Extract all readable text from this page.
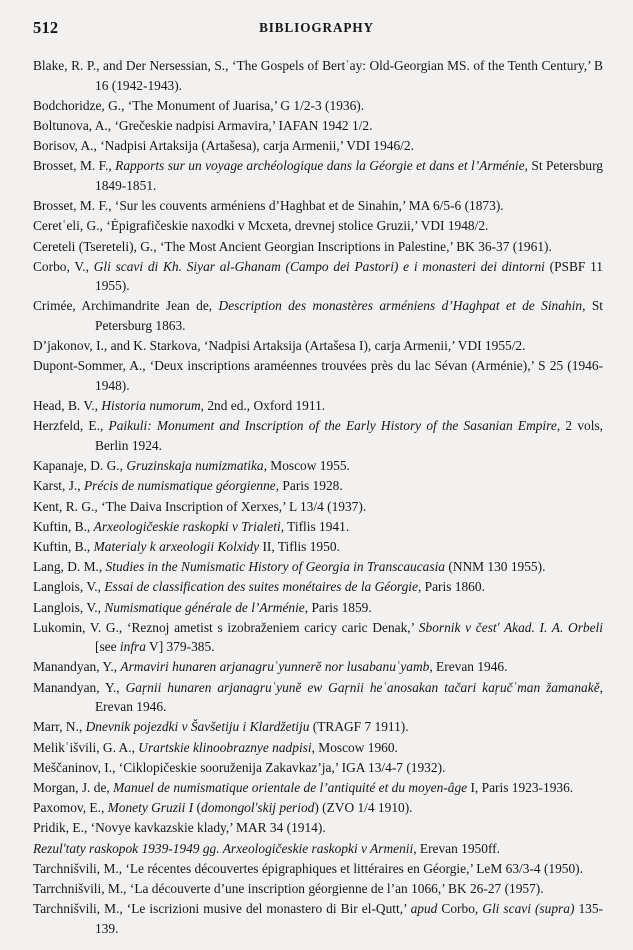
512	BIBLIOGRAPHY

Blake, R. P., and Der Nersessian, S., ‘The Gospels of Bertʿay: Old-Georgian MS. of the Tenth Century,’ B 16 (1942-1943).

Bodchoridze, G., ‘The Monument of Juarisa,’ G 1/2-3 (1936).

Boltunova, A., ‘Grečeskie nadpisi Armavira,’ IAFAN 1942 1/2.

Borisov, A., ‘Nadpisi Artaksija (Artašesa), carja Armenii,’ VDI 1946/2.

Brosset, M. F., Rapports sur un voyage archéologique dans la Géorgie et dans et l’Arménie, St Petersburg 1849-1851.

Brosset, M. F., ‘Sur les couvents arméniens d’Haghbat et de Sinahin,’ MA 6/5-6 (1873).

Ceretʿeli, G., ‘Ėpigrafičeskie naxodki v Mcxeta, drevnej stolice Gruzii,’ VDI 1948/2.

Cereteli (Tsereteli), G., ‘The Most Ancient Georgian Inscriptions in Palestine,’ BK 36-37 (1961).

Corbo, V., Gli scavi di Kh. Siyar al-Ghanam (Campo dei Pastori) e i monasteri dei dintorni (PSBF 11 1955).

Crimée, Archimandrite Jean de, Description des monastères arméniens d’Haghpat et de Sinahin, St Petersburg 1863.

D’jakonov, I., and K. Starkova, ‘Nadpisi Artaksija (Artašesa I), carja Armenii,’ VDI 1955/2.

Dupont-Sommer, A., ‘Deux inscriptions araméennes trouvées près du lac Sévan (Arménie),’ S 25 (1946-1948).

Head, B. V., Historia numorum, 2nd ed., Oxford 1911.

Herzfeld, E., Paikuli: Monument and Inscription of the Early History of the Sasanian Empire, 2 vols, Berlin 1924.

Kapanaje, D. G., Gruzinskaja numizmatika, Moscow 1955.

Karst, J., Précis de numismatique géorgienne, Paris 1928.

Kent, R. G., ‘The Daiva Inscription of Xerxes,’ L 13/4 (1937).

Kuftin, B., Arxeologičeskie raskopki v Trialeti, Tiflis 1941.

Kuftin, B., Materialy k arxeologii Kolxidy II, Tiflis 1950.

Lang, D. M., Studies in the Numismatic History of Georgia in Transcaucasia (NNM 130 1955).

Langlois, V., Essai de classification des suites monétaires de la Géorgie, Paris 1860.

Langlois, V., Numismatique générale de l’Arménie, Paris 1859.

Lukomin, V. G., ‘Reznoj ametist s izobraženiem caricy caric Denak,’ Sbornik v čestʹ Akad. I. A. Orbeli [see infra V] 379-385.

Manandyan, Y., Armaviri hunaren arjanagruʿyunnerĕ nor lusabanuʿyamb, Erevan 1946.

Manandyan, Y., Gaŗnii hunaren arjanagruʿyunĕ ew Gaŗnii heʿanosakan tačari kaŗučʿman žamanakĕ, Erevan 1946.

Marr, N., Dnevnik pojezdki v Šavšetiju i Klardžetiju (TRAGF 7 1911).

Melikʿišvili, G. A., Urartskie klinoobraznye nadpisi, Moscow 1960.

Meščaninov, I., ‘Ciklopičeskie sooruženija Zakavkaz’ja,’ IGA 13/4-7 (1932).

Morgan, J. de, Manuel de numismatique orientale de l’antiquité et du moyen-âge I, Paris 1923-1936.

Paxomov, E., Monety Gruzii I (domongolʹskij period) (ZVO 1/4 1910).

Pridik, E., ‘Novye kavkazskie klady,’ MAR 34 (1914).

Rezulʹtaty raskopok 1939-1949 gg. Arxeologičeskie raskopki v Armenii, Erevan 1950ff.

Tarchnišvili, M., ‘Le récentes découvertes épigraphiques et littéraires en Géorgie,’ LeM 63/3-4 (1950).

Tarrchnišvili, M., ‘La découverte d’une inscription géorgienne de l’an 1066,’ BK 26-27 (1957).

Tarchnišvili, M., ‘Le iscrizioni musive del monastero di Bir el-Qutt,’ apud Corbo, Gli scavi (supra) 135-139.
